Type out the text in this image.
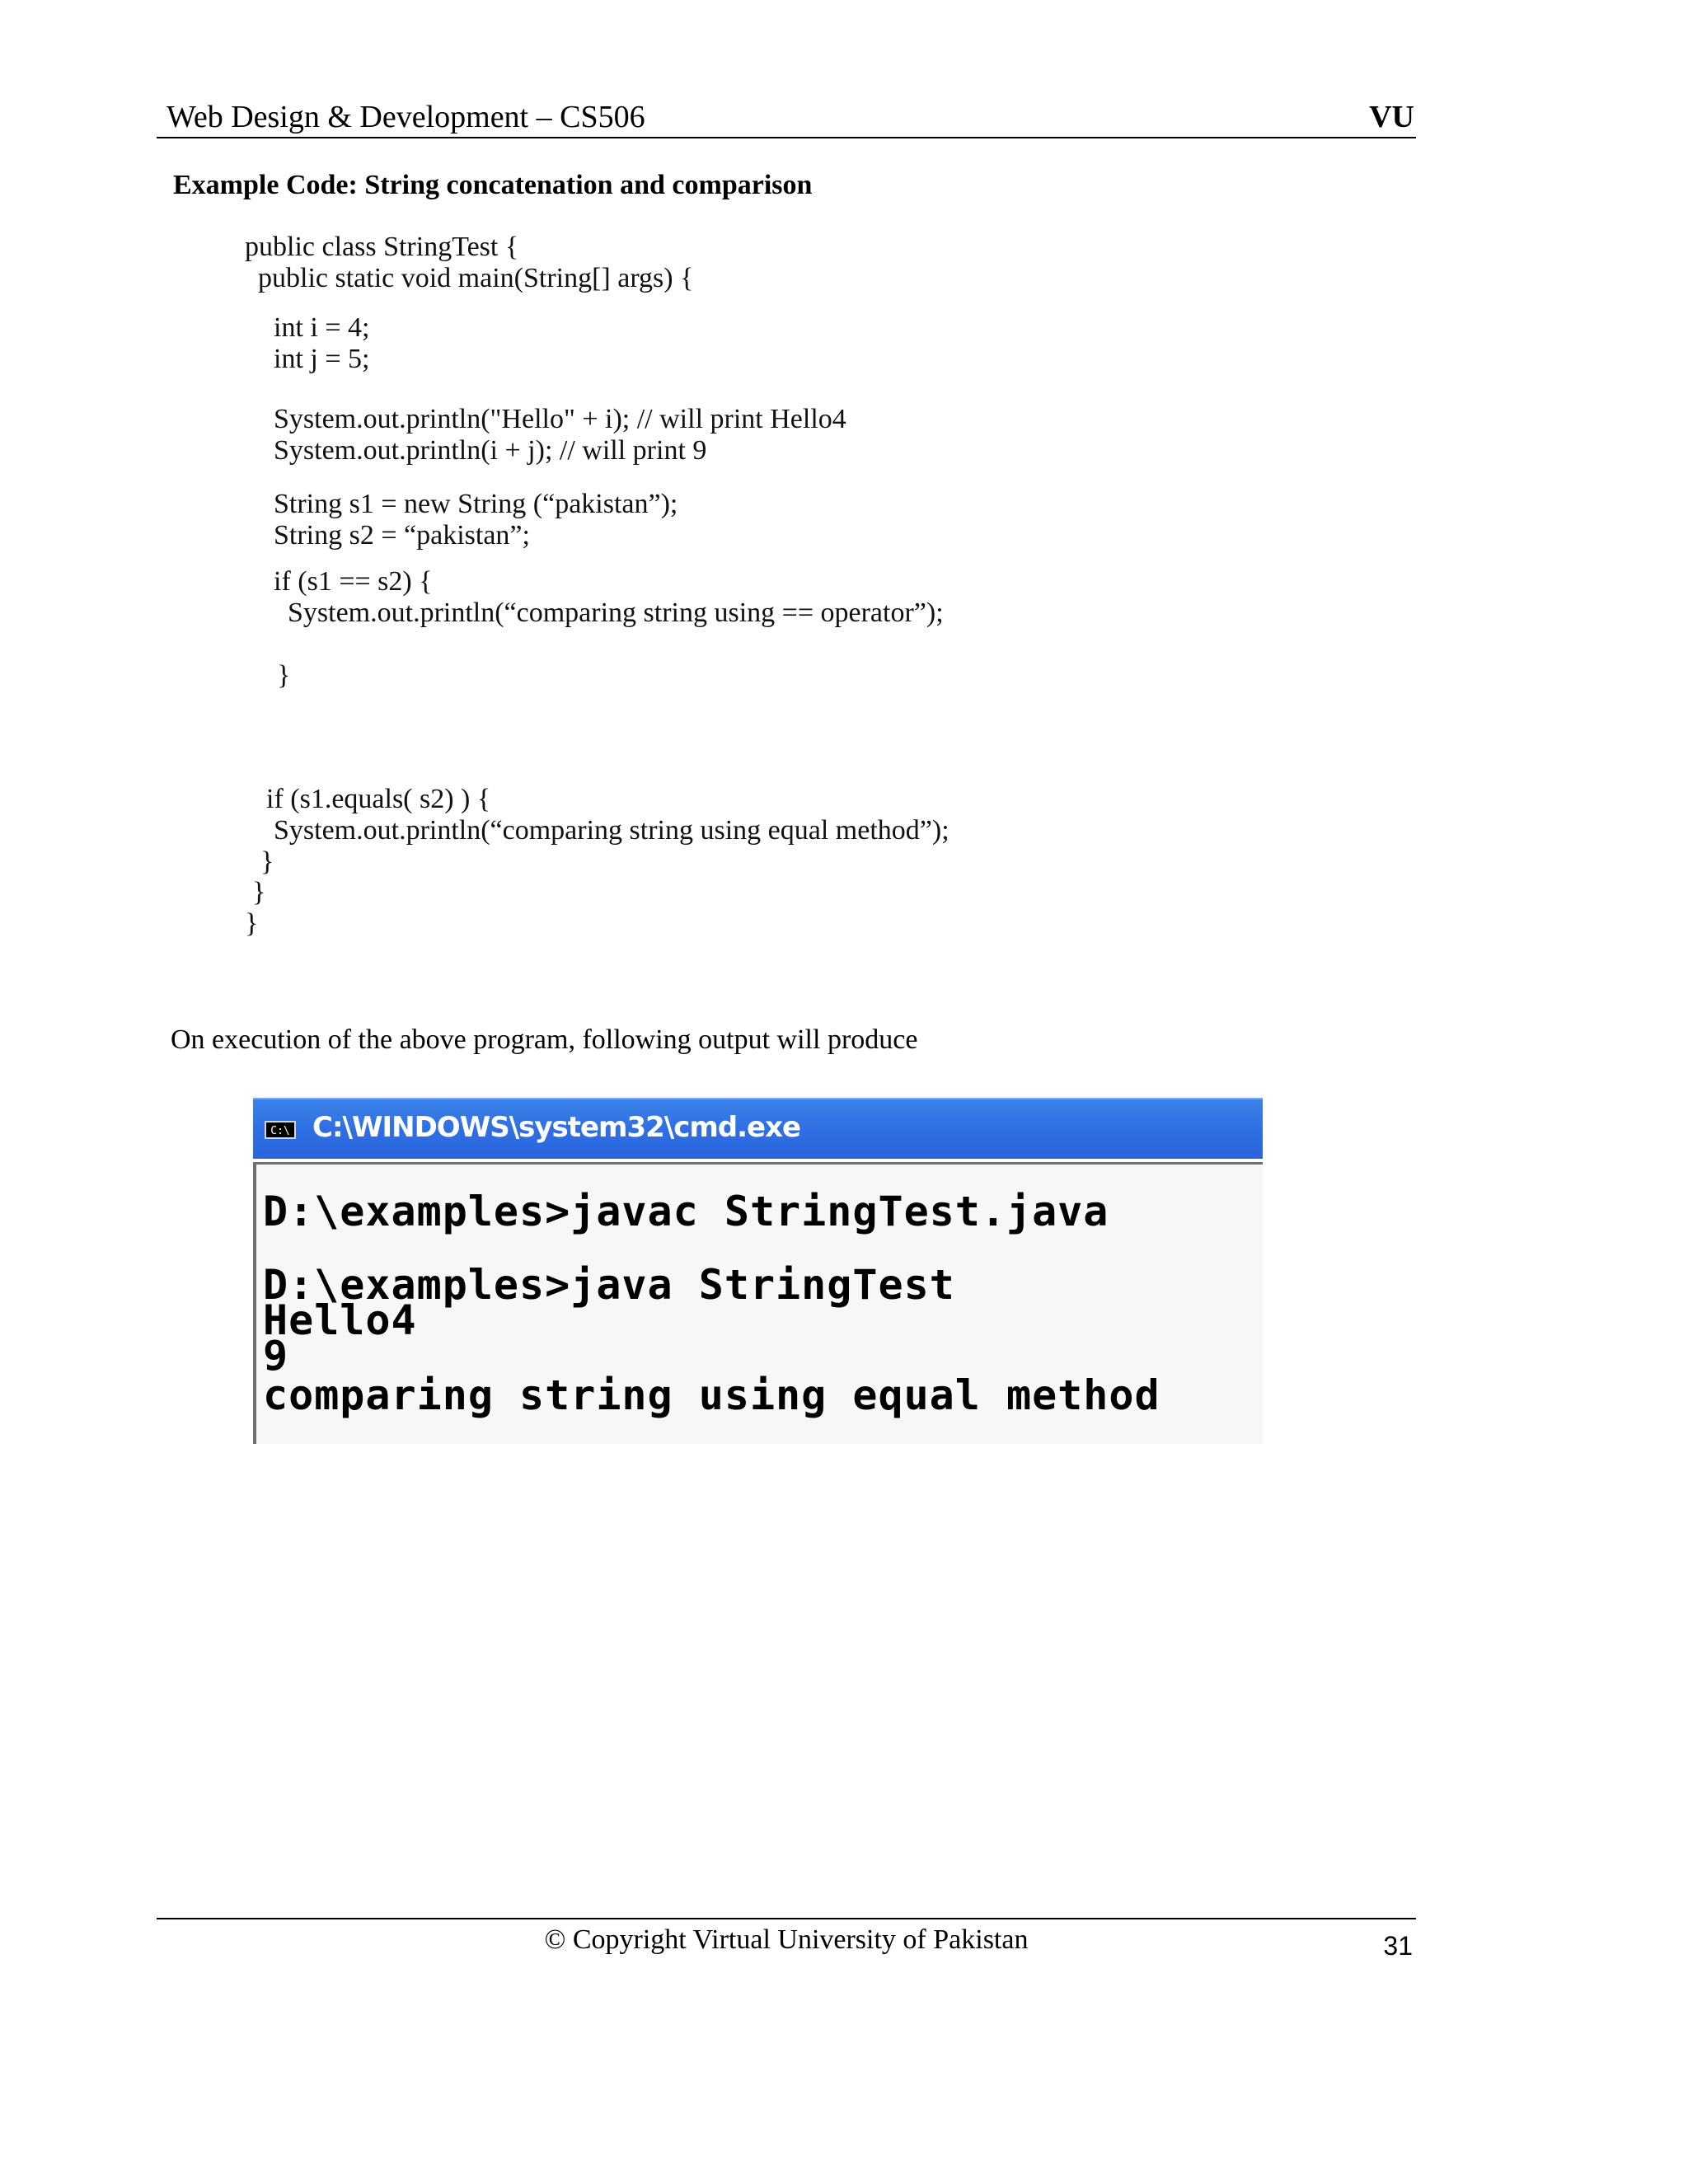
Web Design & Development – CS506	VU
Example Code: String concatenation and comparison
public class StringTest {
public static void main(String[] args) {
int i = 4;
int j = 5;
System.out.println("Hello" + i); // will print Hello4
System.out.println(i + j); // will print 9
String s1 = new String (“pakistan”);
String s2 = “pakistan”;
if (s1 == s2) {
System.out.println(“comparing string using == operator”);
}
if (s1.equals( s2) ) {
System.out.println(“comparing string using equal method”);
}
}
}
On execution of the above program, following output will produce
C:\ C:\WINDOWS\system32\cmd.exe
D:\examples>javac StringTest.java
D:\examples>java StringTest
Hello4
9
comparing string using equal method
© Copyright Virtual University of Pakistan	31
